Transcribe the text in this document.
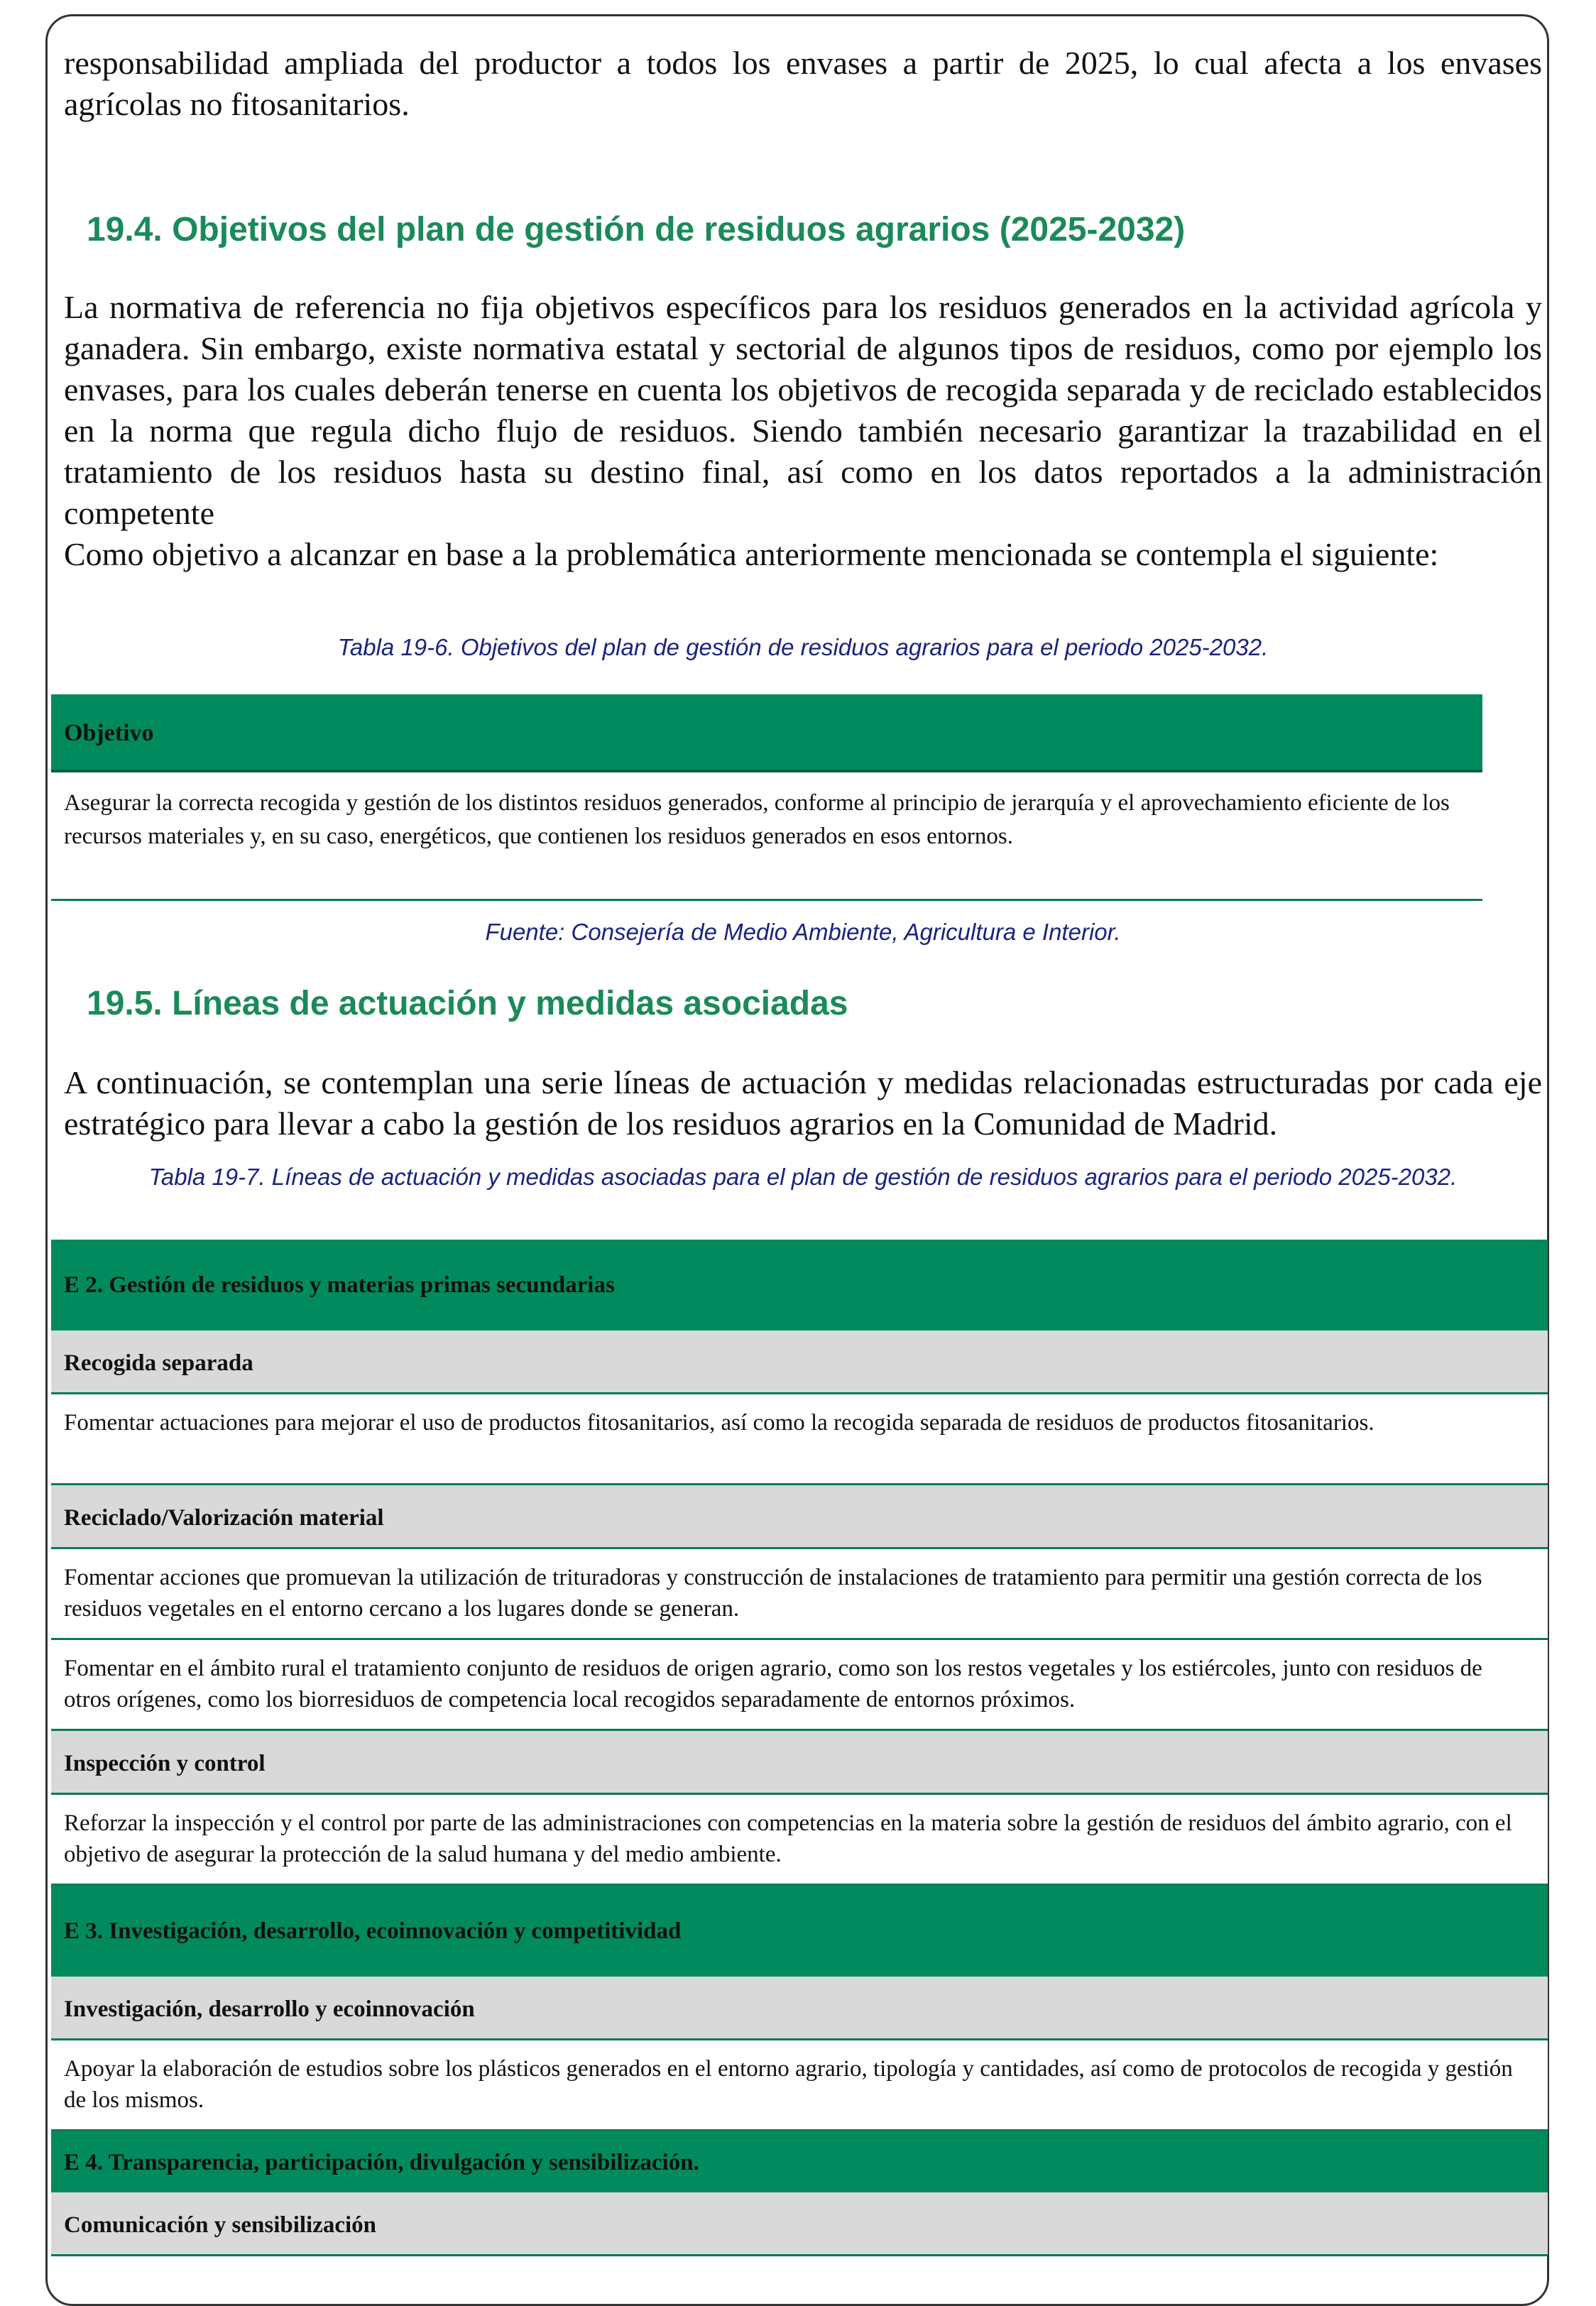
responsabilidad ampliada del productor a todos los envases a partir de 2025, lo cual afecta a los envases agrícolas no fitosanitarios.
19.4. Objetivos del plan de gestión de residuos agrarios (2025-2032)
La normativa de referencia no fija objetivos específicos para los residuos generados en la actividad agrícola y ganadera. Sin embargo, existe normativa estatal y sectorial de algunos tipos de residuos, como por ejemplo los envases, para los cuales deberán tenerse en cuenta los objetivos de recogida separada y de reciclado establecidos en la norma que regula dicho flujo de residuos. Siendo también necesario garantizar la trazabilidad en el tratamiento de los residuos hasta su destino final, así como en los datos reportados a la administración competente
Como objetivo a alcanzar en base a la problemática anteriormente mencionada se contempla el siguiente:
Tabla 19-6. Objetivos del plan de gestión de residuos agrarios para el periodo 2025-2032.
Objetivo
Asegurar la correcta recogida y gestión de los distintos residuos generados, conforme al principio de jerarquía y el aprovechamiento eficiente de los recursos materiales y, en su caso, energéticos, que contienen los residuos generados en esos entornos.
Fuente: Consejería de Medio Ambiente, Agricultura e Interior.
19.5. Líneas de actuación y medidas asociadas
A continuación, se contemplan una serie líneas de actuación y medidas relacionadas estructuradas por cada eje estratégico para llevar a cabo la gestión de los residuos agrarios en la Comunidad de Madrid.
Tabla 19-7. Líneas de actuación y medidas asociadas para el plan de gestión de residuos agrarios para el periodo 2025-2032.
E 2. Gestión de residuos y materias primas secundarias
Recogida separada
Fomentar actuaciones para mejorar el uso de productos fitosanitarios, así como la recogida separada de residuos de productos fitosanitarios.
Reciclado/Valorización material
Fomentar acciones que promuevan la utilización de trituradoras y construcción de instalaciones de tratamiento para permitir una gestión correcta de los residuos vegetales en el entorno cercano a los lugares donde se generan.
Fomentar en el ámbito rural el tratamiento conjunto de residuos de origen agrario, como son los restos vegetales y los estiércoles, junto con residuos de otros orígenes, como los biorresiduos de competencia local recogidos separadamente de entornos próximos.
Inspección y control
Reforzar la inspección y el control por parte de las administraciones con competencias en la materia sobre la gestión de residuos del ámbito agrario, con el objetivo de asegurar la protección de la salud humana y del medio ambiente.
E 3. Investigación, desarrollo, ecoinnovación y competitividad
Investigación, desarrollo y ecoinnovación
Apoyar la elaboración de estudios sobre los plásticos generados en el entorno agrario, tipología y cantidades, así como de protocolos de recogida y gestión de los mismos.
E 4. Transparencia, participación, divulgación y sensibilización.
Comunicación y sensibilización
